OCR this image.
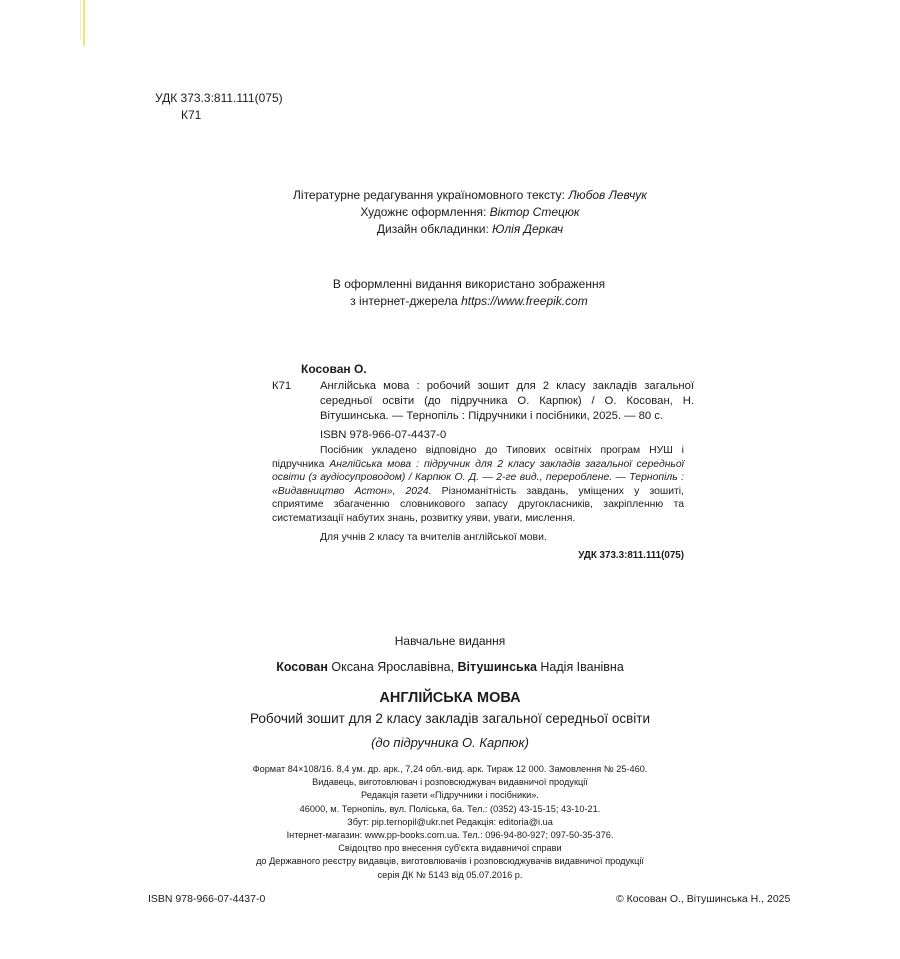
УДК 373.3:811.111(075)
К71
Літературне редагування україномовного тексту: Любов Левчук
Художнє оформлення: Віктор Стецюк
Дизайн обкладинки: Юлія Деркач
В оформленні видання використано зображення
з інтернет-джерела https://www.freepik.com
Косован О.
К71	Англійська мова : робочий зошит для 2 класу закладів загальної середньої освіти (до підручника О. Карпюк) / О. Косован, Н. Вітушинська. — Тернопіль : Підручники і посібники, 2025. — 80 с.
ISBN 978-966-07-4437-0
Посібник укладено відповідно до Типових освітніх програм НУШ і підручника Англійська мова : підручник для 2 класу закладів загальної середньої освіти (з аудіосупроводом) / Карпюк О. Д. — 2-ге вид., перероблене. — Тернопіль : «Видавництво Астон», 2024. Різноманітність завдань, уміщених у зошиті, сприятиме збагаченню словникового запасу другокласників, закріпленню та систематизації набутих знань, розвитку уяви, уваги, мислення.
Для учнів 2 класу та вчителів англійської мови.
УДК 373.3:811.111(075)
Навчальне видання
Косован Оксана Ярославівна, Вітушинська Надія Іванівна
АНГЛІЙСЬКА МОВА
Робочий зошит для 2 класу закладів загальної середньої освіти
(до підручника О. Карпюк)
Формат 84×108/16. 8,4 ум. др. арк., 7,24 обл.-вид. арк. Тираж 12 000. Замовлення № 25-460.
Видавець, виготовлювач і розповсюджувач видавничої продукції
Редакція газети «Підручники і посібники».
46000, м. Тернопіль, вул. Поліська, 6а. Тел.: (0352) 43-15-15; 43-10-21.
Збут: pip.ternopil@ukr.net Редакція: editoria@i.ua
Інтернет-магазин: www.pp-books.com.ua. Тел.: 096-94-80-927; 097-50-35-376.
Свідоцтво про внесення суб'єкта видавничої справи
до Державного реєстру видавців, виготовлювачів і розповсюджувачів видавничої продукції
серія ДК № 5143 від 05.07.2016 р.
ISBN 978-966-07-4437-0	© Косован О., Вітушинська Н., 2025
